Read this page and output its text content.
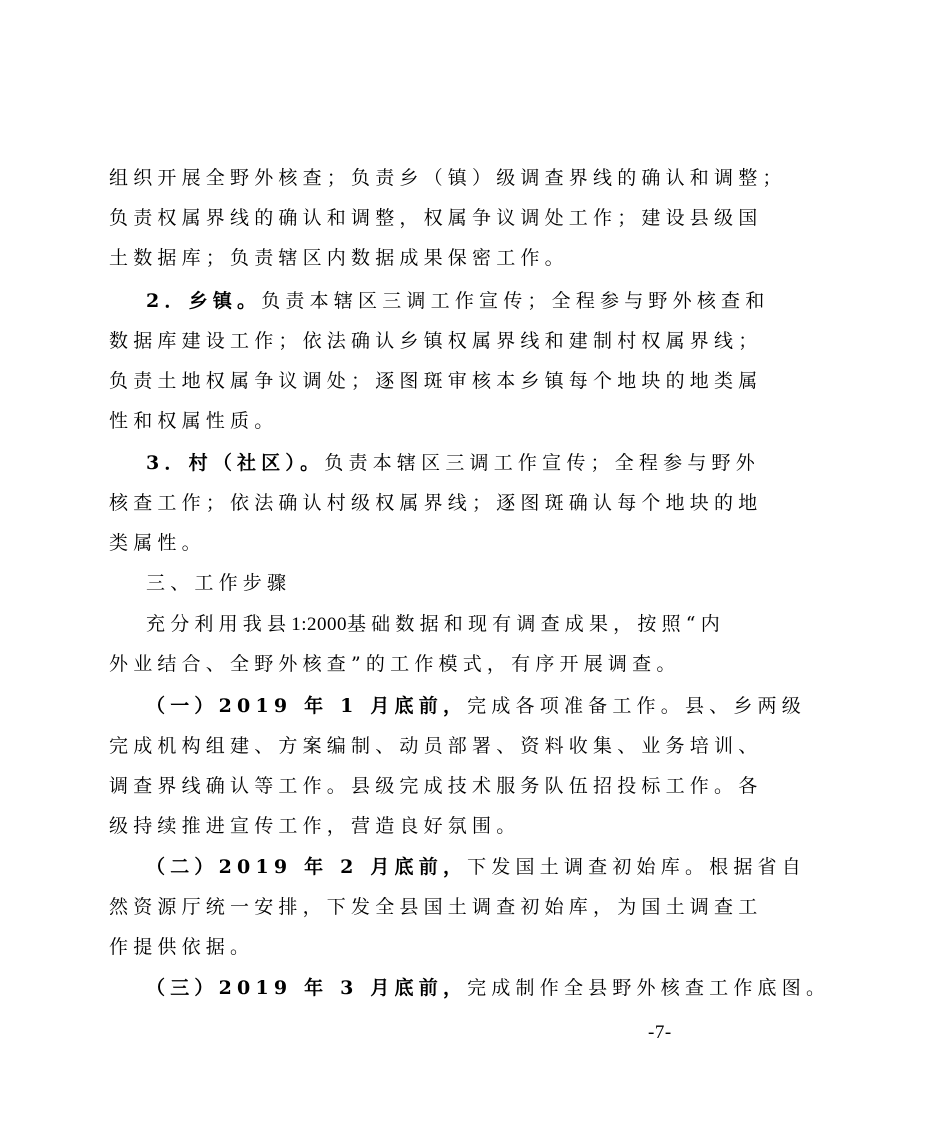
组织开展全野外核查；负责乡（镇）级调查界线的确认和调整；
负责权属界线的确认和调整，权属争议调处工作；建设县级国
土数据库；负责辖区内数据成果保密工作。
2．乡镇。负责本辖区三调工作宣传；全程参与野外核查和
数据库建设工作；依法确认乡镇权属界线和建制村权属界线；
负责土地权属争议调处；逐图斑审核本乡镇每个地块的地类属
性和权属性质。
3．村（社区）。负责本辖区三调工作宣传；全程参与野外
核查工作；依法确认村级权属界线；逐图斑确认每个地块的地
类属性。
三、工作步骤
充分利用我县1:2000基础数据和现有调查成果，按照“内
外业结合、全野外核查”的工作模式，有序开展调查。
（一）2019 年 1 月底前，完成各项准备工作。县、乡两级
完成机构组建、方案编制、动员部署、资料收集、业务培训、
调查界线确认等工作。县级完成技术服务队伍招投标工作。各
级持续推进宣传工作，营造良好氛围。
（二）2019 年 2 月底前，下发国土调查初始库。根据省自
然资源厅统一安排，下发全县国土调查初始库，为国土调查工
作提供依据。
（三）2019 年 3 月底前，完成制作全县野外核查工作底图。
-7-
